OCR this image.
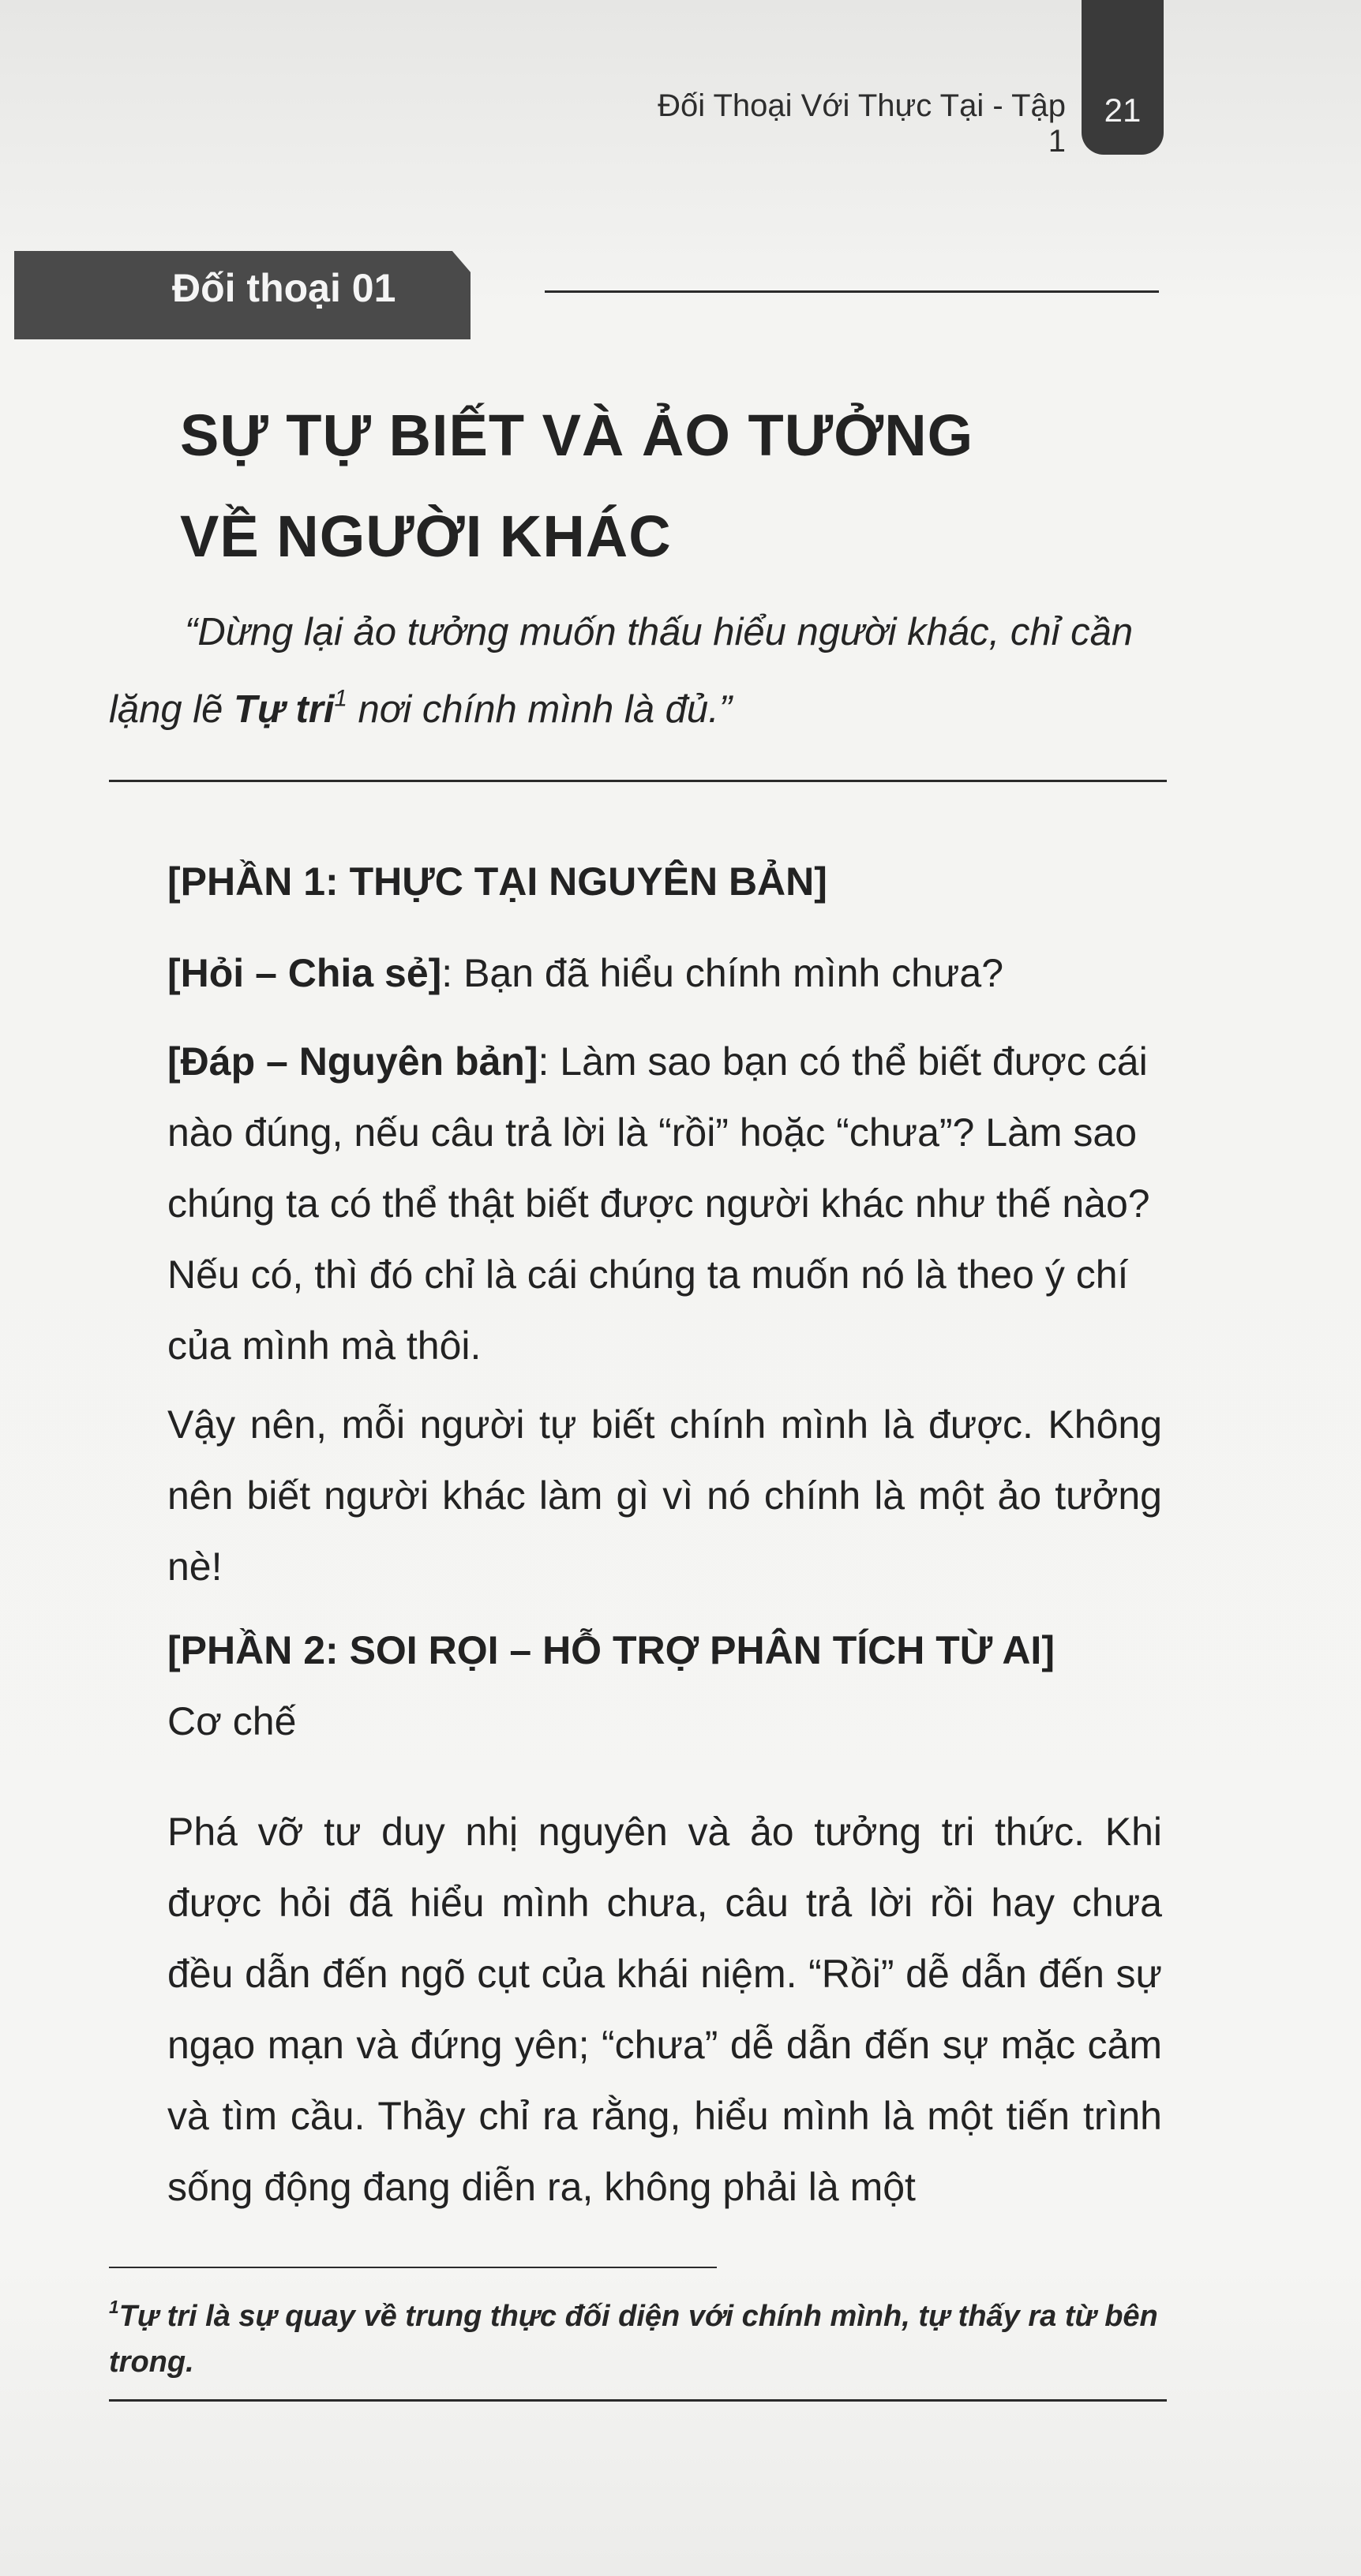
Đối Thoại Với Thực Tại - Tập 1
21
Đối thoại 01
SỰ TỰ BIẾT VÀ ẢO TƯỞNG
VỀ NGƯỜI KHÁC

“Dừng lại ảo tưởng muốn thấu hiểu người khác, chỉ cần lặng lẽ Tự tri$^1$ nơi chính mình là đủ.”

[PHẦN 1: THỰC TẠI NGUYÊN BẢN]

[Hỏi – Chia sẻ]: Bạn đã hiểu chính mình chưa?

[Đáp – Nguyên bản]: Làm sao bạn có thể biết được cái nào đúng, nếu câu trả lời là “rồi” hoặc “chưa”? Làm sao chúng ta có thể thật biết được người khác như thế nào? Nếu có, thì đó chỉ là cái chúng ta muốn nó là theo ý chí của mình mà thôi.

Vậy nên, mỗi người tự biết chính mình là được. Không nên biết người khác làm gì vì nó chính là một ảo tưởng nè!

[PHẦN 2: SOI RỌI – HỖ TRỢ PHÂN TÍCH TỪ AI]

Cơ chế

Phá vỡ tư duy nhị nguyên và ảo tưởng tri thức. Khi được hỏi đã hiểu mình chưa, câu trả lời rồi hay chưa đều dẫn đến ngõ cụt của khái niệm. “Rồi” dễ dẫn đến sự ngạo mạn và đứng yên; “chưa” dễ dẫn đến sự mặc cảm và tìm cầu. Thầy chỉ ra rằng, hiểu mình là một tiến trình sống động đang diễn ra, không phải là một

$^1$Tự tri là sự quay về trung thực đối diện với chính mình, tự thấy ra từ bên trong.
